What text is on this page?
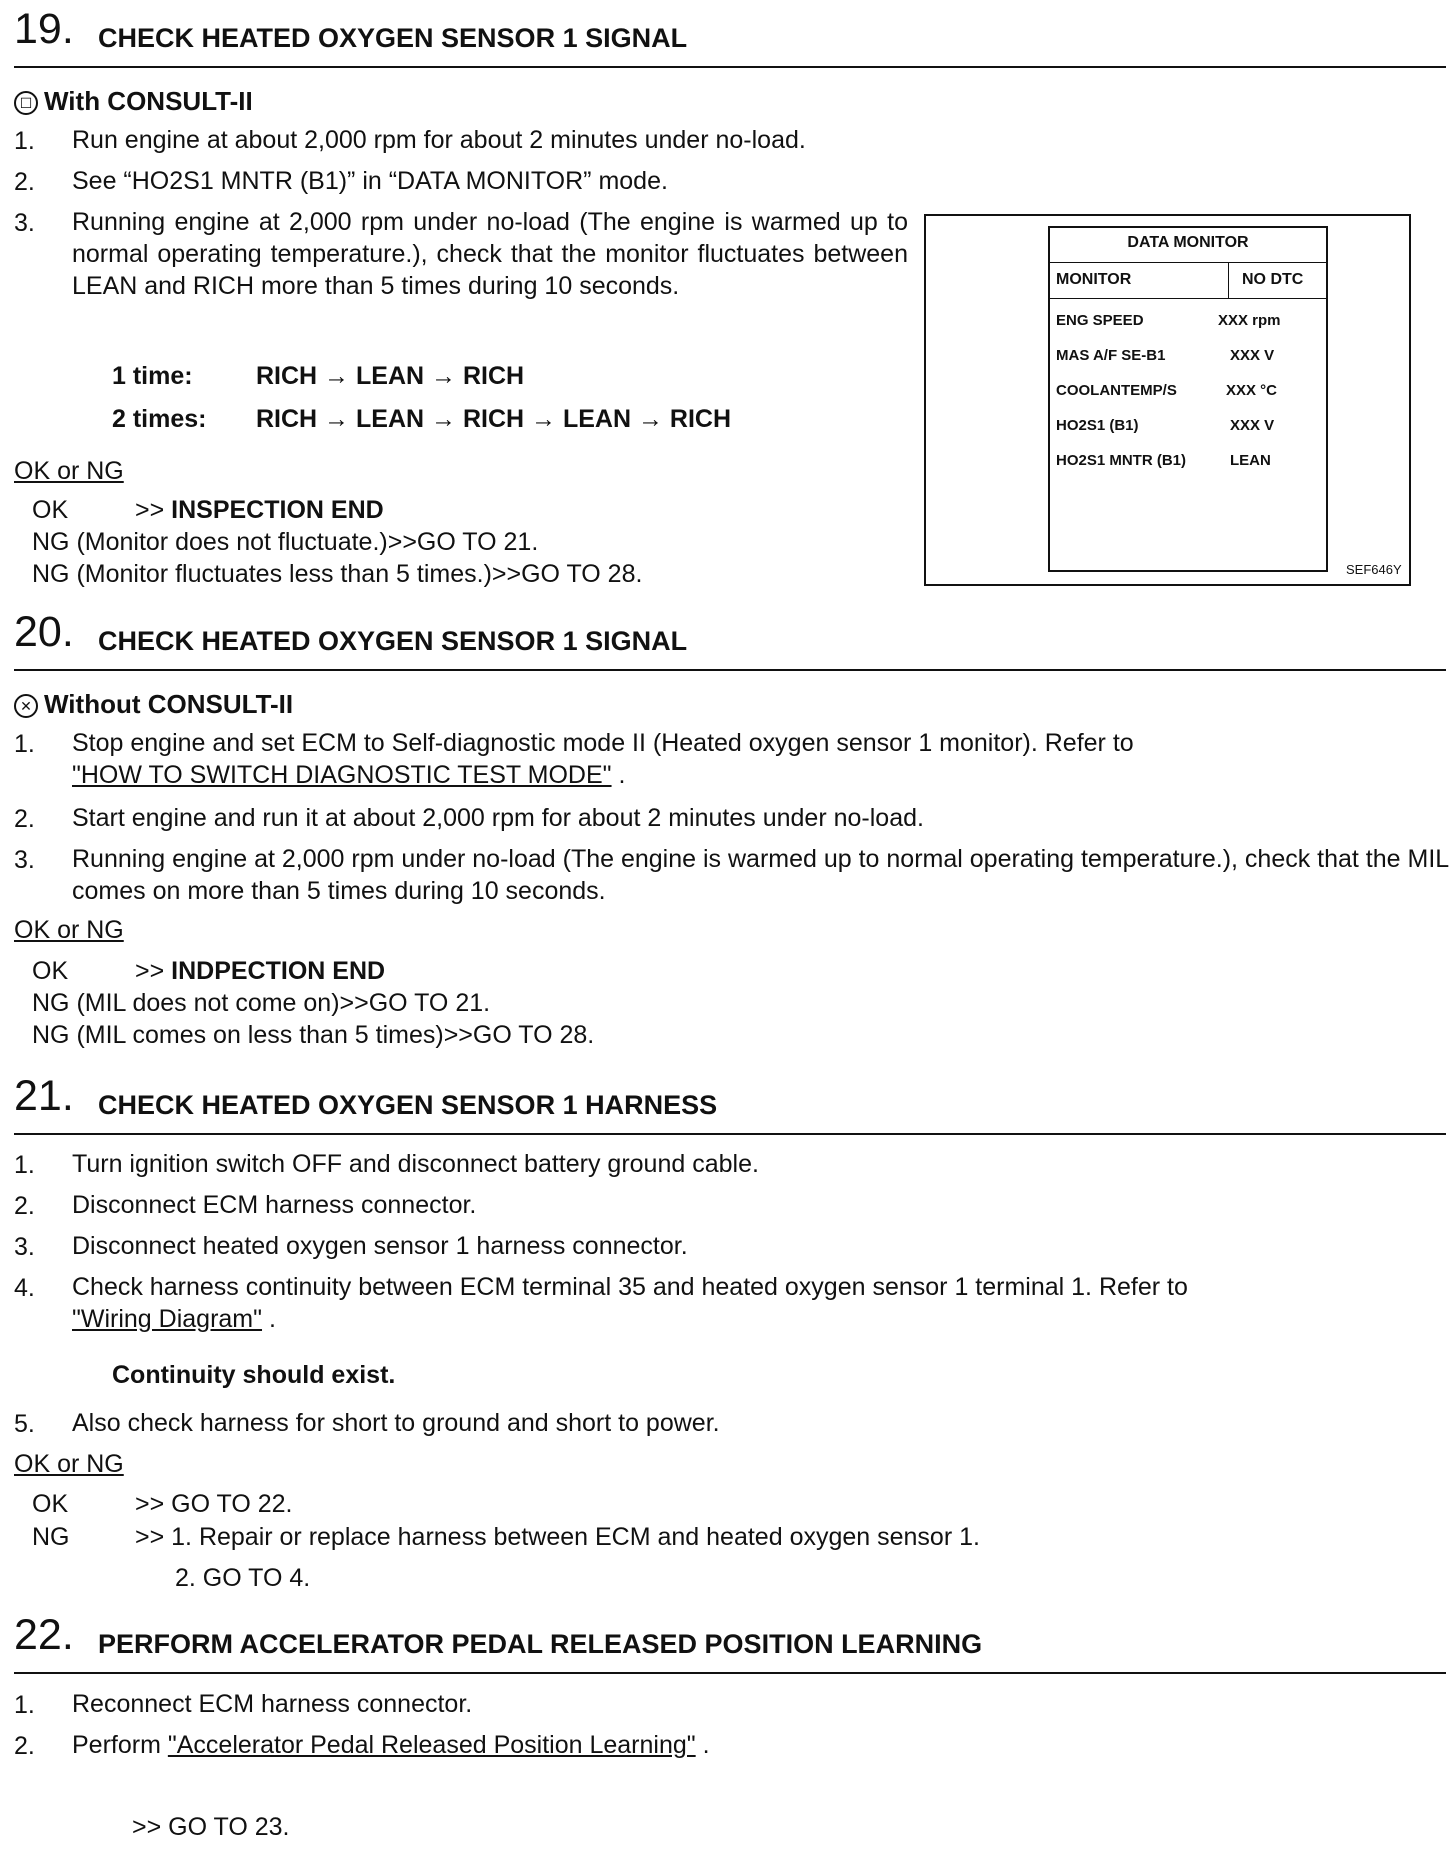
19. CHECK HEATED OXYGEN SENSOR 1 SIGNAL
☐ With CONSULT-II
1.	Run engine at about 2,000 rpm for about 2 minutes under no-load.
2.	See “HO2S1 MNTR (B1)” in “DATA MONITOR” mode.
3.	Running engine at 2,000 rpm under no-load (The engine is warmed up to normal operating temperature.), check that the monitor fluctuates between LEAN and RICH more than 5 times during 10 seconds.
1 time:	RICH → LEAN → RICH
2 times: RICH → LEAN → RICH → LEAN → RICH
OK or NG
OK	>> INSPECTION END
NG (Monitor does not fluctuate.)>>GO TO 21.
NG (Monitor fluctuates less than 5 times.)>>GO TO 28.
DATA MONITOR
MONITOR	NO DTC
ENG SPEED	XXX rpm
MAS A/F SE-B1	XXX V
COOLANTEMP/S	XXX °C
HO2S1 (B1)	XXX V
HO2S1 MNTR (B1)	LEAN
SEF646Y
20. CHECK HEATED OXYGEN SENSOR 1 SIGNAL
✕ Without CONSULT-II
1.	Stop engine and set ECM to Self-diagnostic mode II (Heated oxygen sensor 1 monitor). Refer to
"HOW TO SWITCH DIAGNOSTIC TEST MODE" .
2.	Start engine and run it at about 2,000 rpm for about 2 minutes under no-load.
3.	Running engine at 2,000 rpm under no-load (The engine is warmed up to normal operating temperature.), check that the MIL comes on more than 5 times during 10 seconds.
OK or NG
OK	>> INDPECTION END
NG (MIL does not come on)>>GO TO 21.
NG (MIL comes on less than 5 times)>>GO TO 28.
21. CHECK HEATED OXYGEN SENSOR 1 HARNESS
1.	Turn ignition switch OFF and disconnect battery ground cable.
2.	Disconnect ECM harness connector.
3.	Disconnect heated oxygen sensor 1 harness connector.
4.	Check harness continuity between ECM terminal 35 and heated oxygen sensor 1 terminal 1. Refer to
"Wiring Diagram" .
Continuity should exist.
5.	Also check harness for short to ground and short to power.
OK or NG
OK	>> GO TO 22.
NG	>> 1. Repair or replace harness between ECM and heated oxygen sensor 1.
2. GO TO 4.
22. PERFORM ACCELERATOR PEDAL RELEASED POSITION LEARNING
1.	Reconnect ECM harness connector.
2.	Perform "Accelerator Pedal Released Position Learning" .
>> GO TO 23.
